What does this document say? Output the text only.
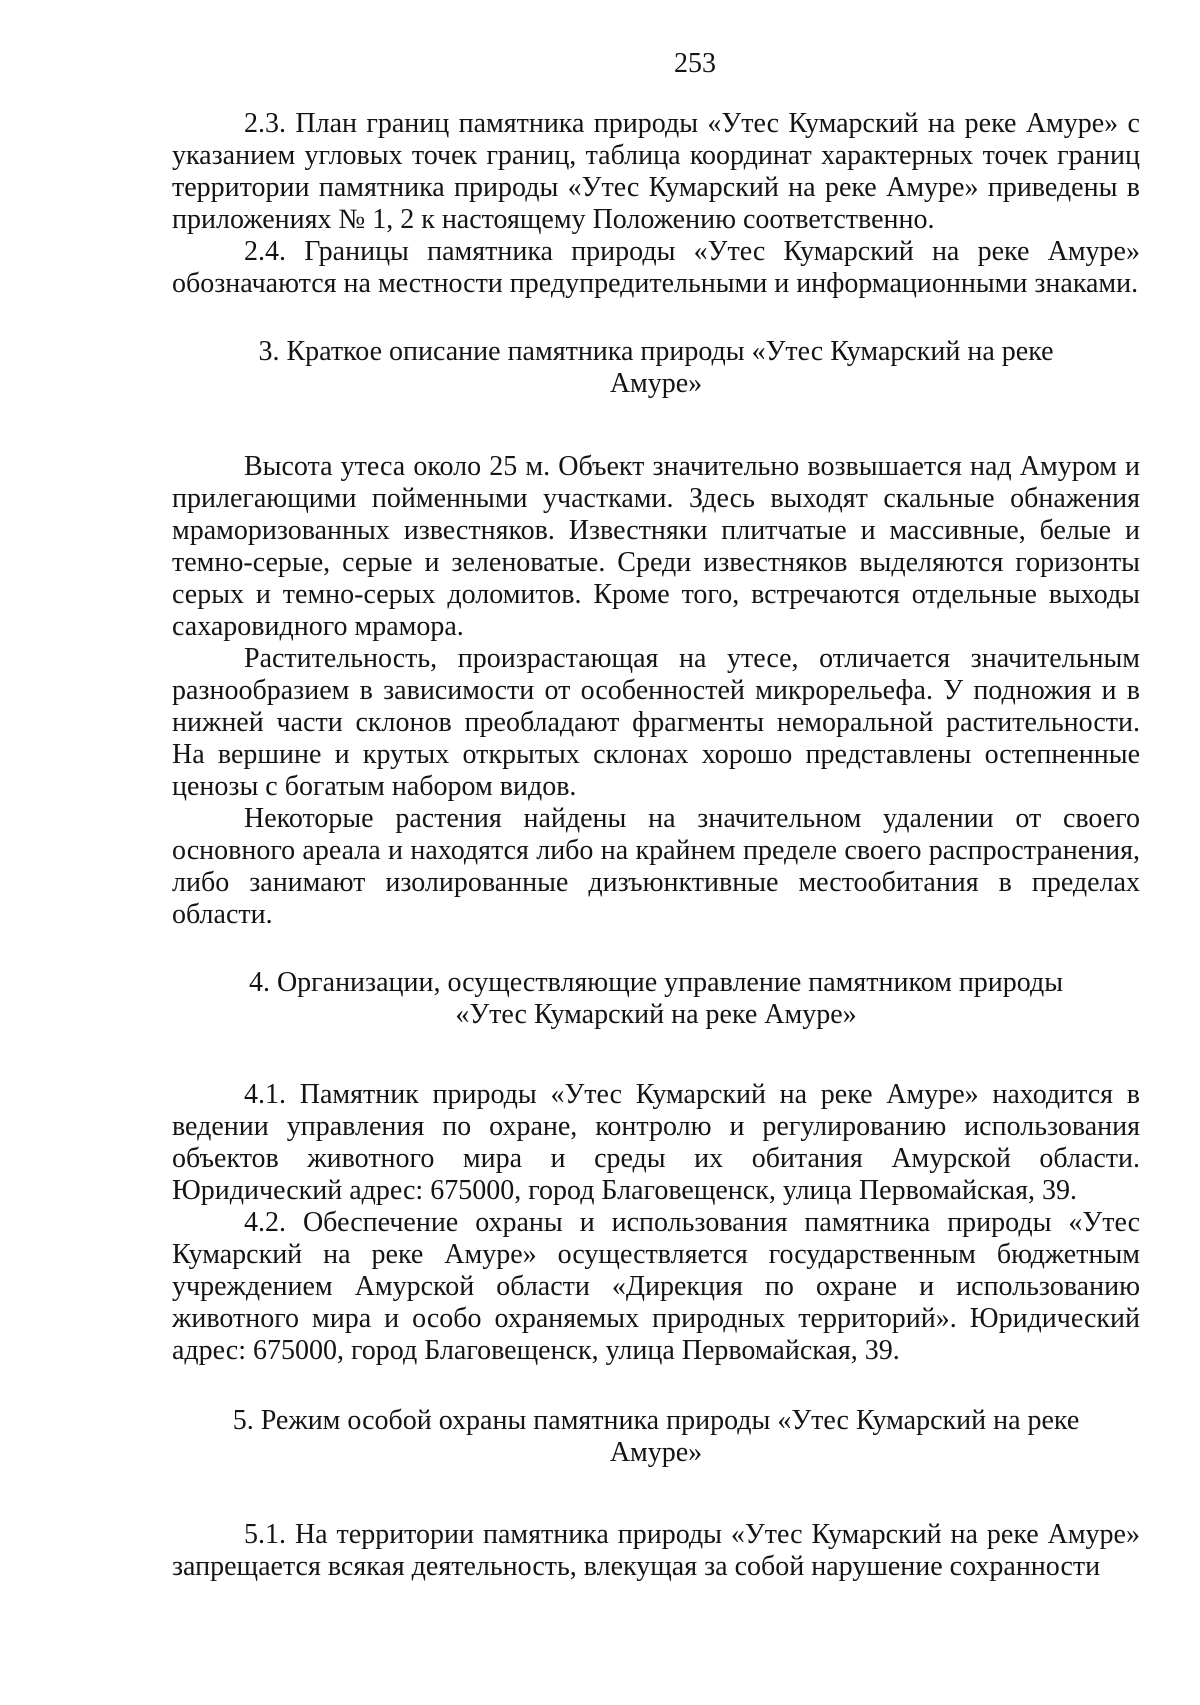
253

2.3. План границ памятника природы «Утес Кумарский на реке Амуре» с указанием угловых точек границ, таблица координат характерных точек границ территории памятника природы «Утес Кумарский на реке Амуре» приведены в приложениях № 1, 2 к настоящему Положению соответственно.

2.4. Границы памятника природы «Утес Кумарский на реке Амуре» обозначаются на местности предупредительными и информационными знаками.

3. Краткое описание памятника природы «Утес Кумарский на реке
Амуре»

Высота утеса около 25 м. Объект значительно возвышается над Амуром и прилегающими пойменными участками. Здесь выходят скальные обнажения мраморизованных известняков. Известняки плитчатые и массивные, белые и темно-серые, серые и зеленоватые. Среди известняков выделяются горизонты серых и темно-серых доломитов. Кроме того, встречаются отдельные выходы сахаровидного мрамора.

Растительность, произрастающая на утесе, отличается значительным разнообразием в зависимости от особенностей микрорельефа. У подножия и в нижней части склонов преобладают фрагменты неморальной растительности. На вершине и крутых открытых склонах хорошо представлены остепненные ценозы с богатым набором видов.

Некоторые растения найдены на значительном удалении от своего основного ареала и находятся либо на крайнем пределе своего распространения, либо занимают изолированные дизъюнктивные местообитания в пределах области.

4. Организации, осуществляющие управление памятником природы
«Утес Кумарский на реке Амуре»

4.1. Памятник природы «Утес Кумарский на реке Амуре» находится в ведении управления по охране, контролю и регулированию использования объектов животного мира и среды их обитания Амурской области. Юридический адрес: 675000, город Благовещенск, улица Первомайская, 39.

4.2. Обеспечение охраны и использования памятника природы «Утес Кумарский на реке Амуре» осуществляется государственным бюджетным учреждением Амурской области «Дирекция по охране и использованию животного мира и особо охраняемых природных территорий». Юридический адрес: 675000, город Благовещенск, улица Первомайская, 39.

5. Режим особой охраны памятника природы «Утес Кумарский на реке
Амуре»

5.1. На территории памятника природы «Утес Кумарский на реке Амуре» запрещается всякая деятельность, влекущая за собой нарушение сохранности
